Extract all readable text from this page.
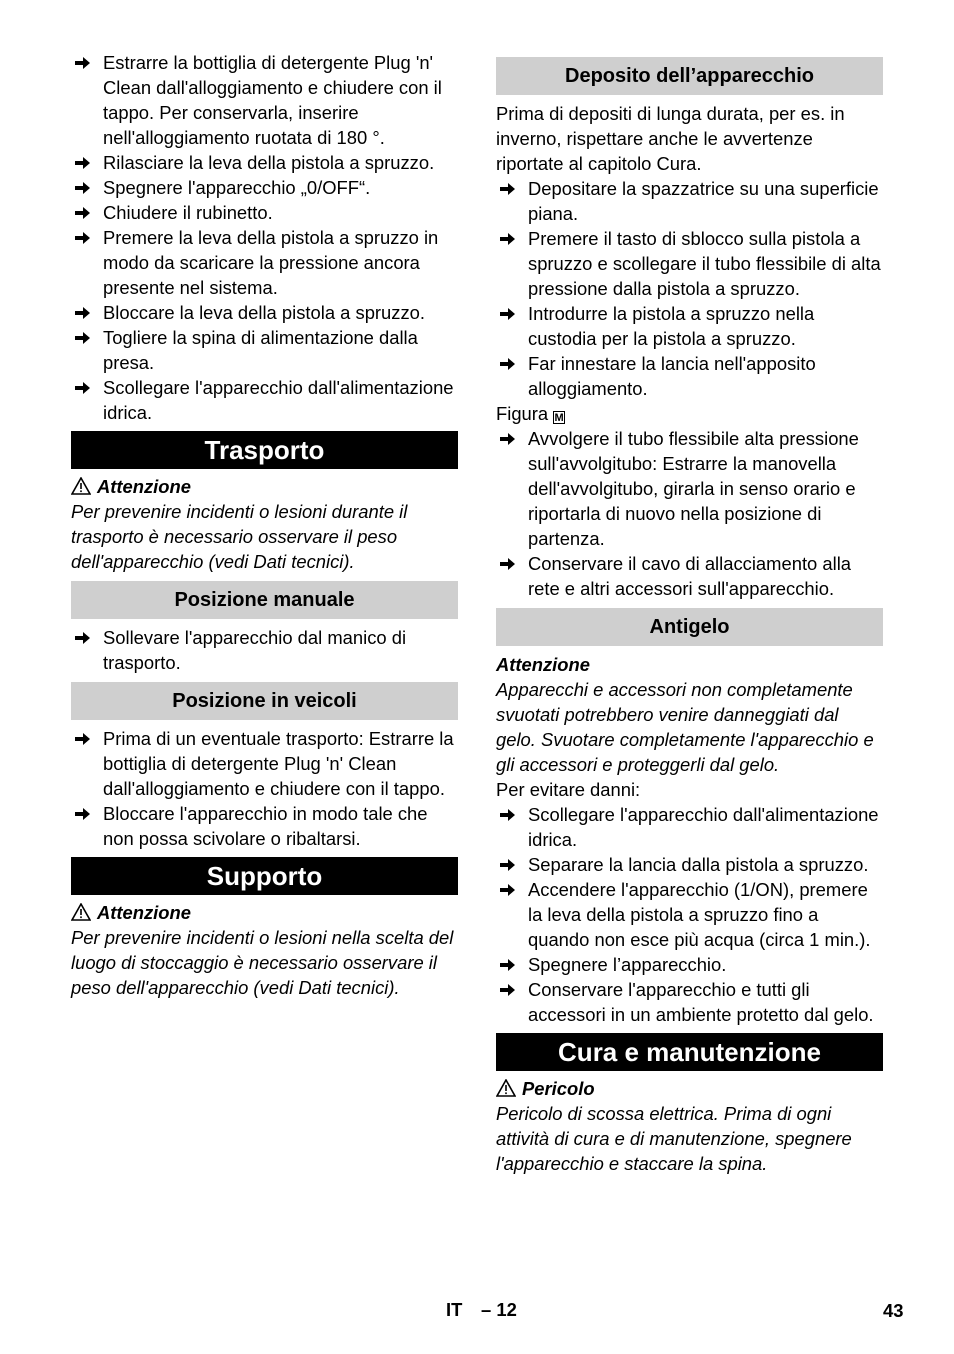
Estrarre la bottiglia di detergente Plug 'n' Clean dall'alloggiamento e chiudere con il tappo. Per conservarla, inserire nell'alloggiamento ruotata di 180 °.
Rilasciare la leva della pistola a spruzzo.
Spegnere l'apparecchio „0/OFF“.
Chiudere il rubinetto.
Premere la leva della pistola a spruzzo in modo da scaricare la pressione ancora presente nel sistema.
Bloccare la leva della pistola a spruzzo.
Togliere la spina di alimentazione dalla presa.
Scollegare l'apparecchio dall'alimentazione idrica.
Trasporto
Attenzione
Per prevenire incidenti o lesioni durante il trasporto è necessario osservare il peso dell'apparecchio (vedi Dati tecnici).
Posizione manuale
Sollevare l'apparecchio dal manico di trasporto.
Posizione in veicoli
Prima di un eventuale trasporto: Estrarre la bottiglia di detergente Plug 'n' Clean dall'alloggiamento e chiudere con il tappo.
Bloccare l'apparecchio in modo tale che non possa scivolare o ribaltarsi.
Supporto
Attenzione
Per prevenire incidenti o lesioni nella scelta del luogo di stoccaggio è necessario osservare il peso dell'apparecchio (vedi Dati tecnici).
Deposito dell’apparecchio
Prima di depositi di lunga durata, per es. in inverno, rispettare anche le avvertenze riportate al capitolo Cura.
Depositare la spazzatrice su una superficie piana.
Premere il tasto di sblocco sulla pistola a spruzzo e scollegare il tubo flessibile di alta pressione dalla pistola a spruzzo.
Introdurre la pistola a spruzzo nella custodia per la pistola a spruzzo.
Far innestare la lancia nell'apposito alloggiamento.
Figura M
Avvolgere il tubo flessibile alta pressione sull'avvolgitubo: Estrarre la manovella dell'avvolgitubo, girarla in senso orario e riportarla di nuovo nella posizione di partenza.
Conservare il cavo di allacciamento alla rete e altri accessori sull'apparecchio.
Antigelo
Attenzione
Apparecchi e accessori non completamente svuotati potrebbero venire danneggiati dal gelo. Svuotare completamente l'apparecchio e gli accessori e proteggerli dal gelo.
Per evitare danni:
Scollegare l'apparecchio dall'alimentazione idrica.
Separare la lancia dalla pistola a spruzzo.
Accendere l'apparecchio (1/ON), premere la leva della pistola a spruzzo fino a quando non esce più acqua (circa 1 min.).
Spegnere l’apparecchio.
Conservare l'apparecchio e tutti gli accessori in un ambiente protetto dal gelo.
Cura e manutenzione
Pericolo
Pericolo di scossa elettrica. Prima di ogni attività di cura e di manutenzione, spegnere l'apparecchio e staccare la spina.
IT – 12	43
